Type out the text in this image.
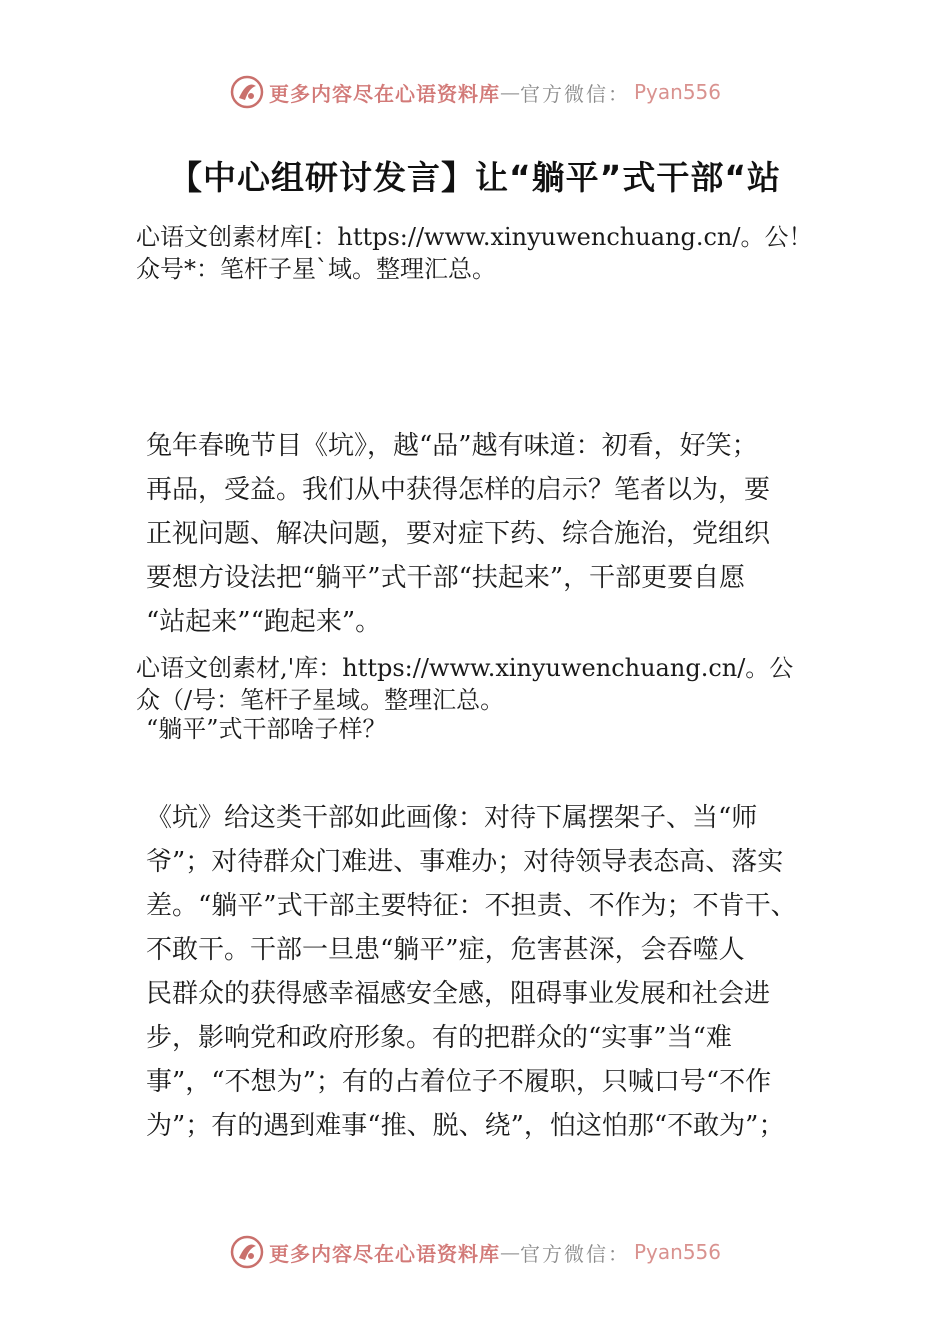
更多内容尽在心语资料库 — 官方微信： Pyan556
【中心组研讨发言】让“躺平”式干部“站
心语文创素材库[：https://www.xinyuwenchuang.cn/。公！
众号*：笔杆子星`域。整理汇总。
兔年春晚节目《坑》，越“品”越有味道：初看，好笑；
再品，受益。我们从中获得怎样的启示？笔者以为，要
正视问题、解决问题，要对症下药、综合施治，党组织
要想方设法把“躺平”式干部“扶起来”，干部更要自愿
“站起来”“跑起来”。
心语文创素材,'库：https://www.xinyuwenchuang.cn/。公
众（/号：笔杆子星域。整理汇总。
“躺平”式干部啥子样？
《坑》给这类干部如此画像：对待下属摆架子、当“师
爷”；对待群众门难进、事难办；对待领导表态高、落实
差。“躺平”式干部主要特征：不担责、不作为；不肯干、
不敢干。干部一旦患“躺平”症，危害甚深，会吞噬人
民群众的获得感幸福感安全感，阻碍事业发展和社会进
步，影响党和政府形象。有的把群众的“实事”当“难
事”，“不想为”；有的占着位子不履职，只喊口号“不作
为”；有的遇到难事“推、脱、绕”，怕这怕那“不敢为”；
更多内容尽在心语资料库 — 官方微信： Pyan556
